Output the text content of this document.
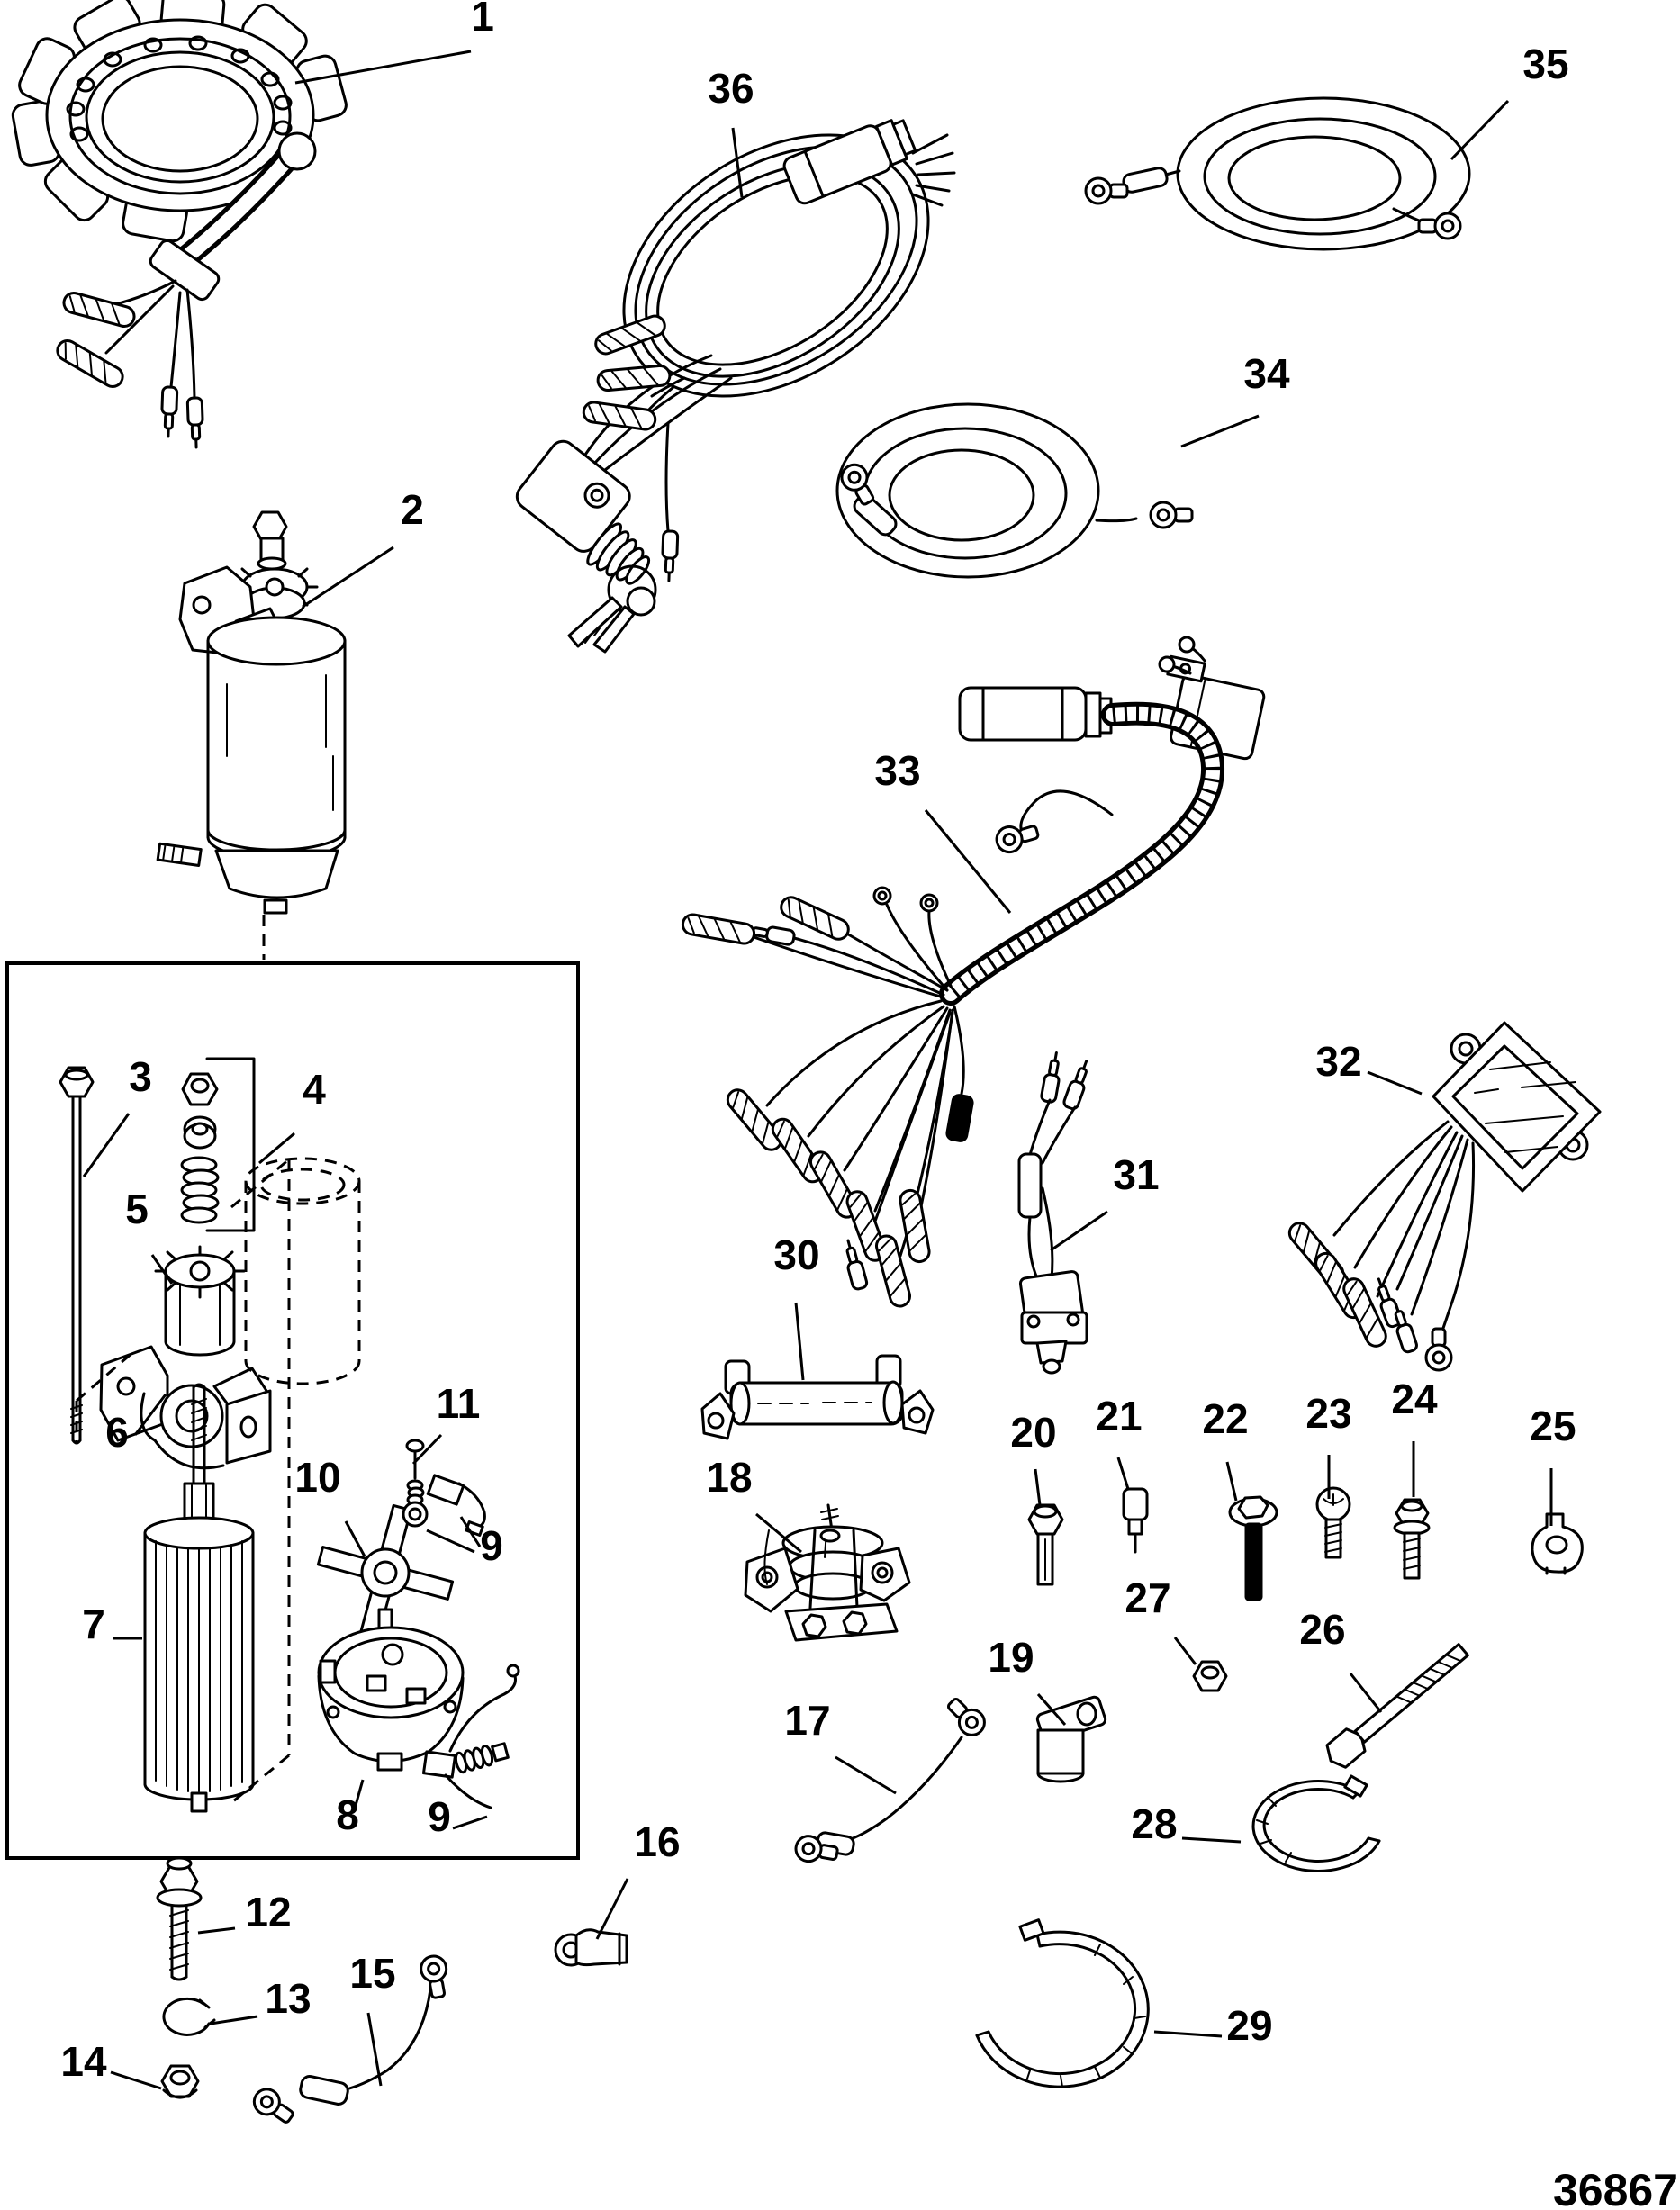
1
2
3	4
5
6
7
8
9
9
10
11
12
13
14
15
16
17
18
19
20 21 22 23 24
25
26
27
28
29
30
31
32
33
34
35
36
36867
